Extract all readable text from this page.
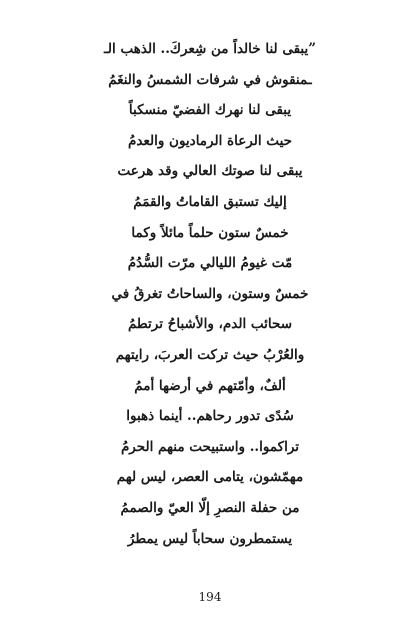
”يبقى لنا خالداً من شِعركَ.. الذهب الـ
ـمنقوش في شرفات الشمسُ والنغَمُ
يبقى لنا نهرك الفضيّ منسكباً
حيث الرعاة الرماديون والعدمُ
يبقى لنا صوتك العالي وقد هرعت
إليك تستبق القاماتُ والقمَمُ
خمسٌ ستون حلماً مائلاً وكما
مّت غيومُ الليالي مرّت السُّدُمُ
خمسٌ وستون، والساحاتُ تغرقُ في
سحائب الدم، والأشباحُ ترتطمُ
والعُرْبُ حيث تركت العربَ، رايتهم
ألفٌ، وأمّتهم في أرضها أممُ
سُدًى تدور رحاهم.. أينما ذهبوا
تراكموا.. واستبيحت منهم الحرمُ
مهمّشون، يتامى العصر، ليس لهم
من حفلة النصرِ إلّا العيّ والصممُ
يستمطرون سحاباً ليس يمطرُ
194
